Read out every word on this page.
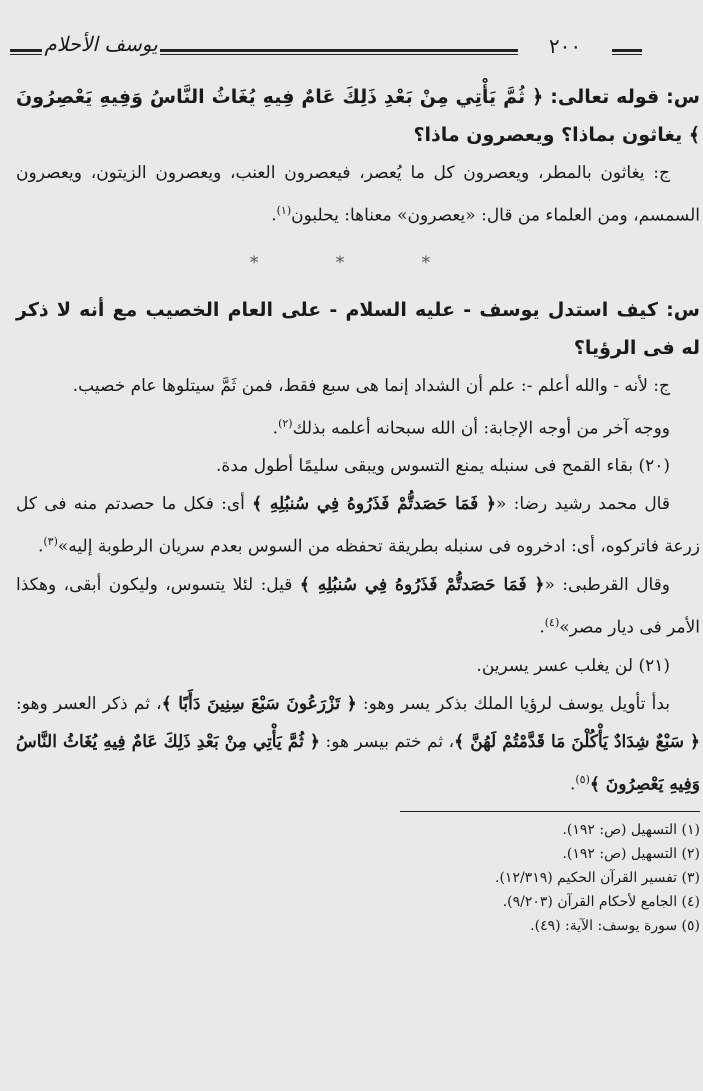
يوسف الأحلام	٢٠٠

س: قوله تعالى: ﴿ ثُمَّ يَأْتِي مِنْ بَعْدِ ذَلِكَ عَامٌ فِيهِ يُغَاثُ النَّاسُ وَفِيهِ يَعْصِرُونَ ﴾ يغاثون بماذا؟ ويعصرون ماذا؟

ج: يغاثون بالمطر، ويعصرون كل ما يُعصر، فيعصرون العنب، ويعصرون الزيتون، ويعصرون السمسم، ومن العلماء من قال: «يعصرون» معناها: يحلبون$^{(١)}$.

* * *

س: كيف استدل يوسف - عليه السلام - على العام الخصيب مع أنه لا ذكر له فى الرؤيا؟

ج: لأنه - والله أعلم -: علم أن الشداد إنما هى سبع فقط، فمن ثَمَّ سيتلوها عام خصيب.

ووجه آخر من أوجه الإجابة: أن الله سبحانه أعلمه بذلك$^{(٢)}$.

(٢٠) بقاء القمح فى سنبله يمنع التسوس ويبقى سليمًا أطول مدة.

قال محمد رشيد رضا: «﴿ فَمَا حَصَدتُّمْ فَذَرُوهُ فِي سُنبُلِهِ ﴾ أى: فكل ما حصدتم منه فى كل زرعة فاتركوه، أى: ادخروه فى سنبله بطريقة تحفظه من السوس بعدم سريان الرطوبة إليه»$^{(٣)}$.

وقال القرطبى: «﴿ فَمَا حَصَدتُّمْ فَذَرُوهُ فِي سُنبُلِهِ ﴾ قيل: لئلا يتسوس، وليكون أبقى، وهكذا الأمر فى ديار مصر»$^{(٤)}$.

(٢١) لن يغلب عسر يسرين.

بدأ تأويل يوسف لرؤيا الملك بذكر يسر وهو: ﴿ تَزْرَعُونَ سَبْعَ سِنِينَ دَأَبًا ﴾، ثم ذكر العسر وهو: ﴿ سَبْعٌ شِدَادٌ يَأْكُلْنَ مَا قَدَّمْتُمْ لَهُنَّ ﴾، ثم ختم بيسر هو: ﴿ ثُمَّ يَأْتِي مِنْ بَعْدِ ذَلِكَ عَامٌ فِيهِ يُغَاثُ النَّاسُ وَفِيهِ يَعْصِرُونَ ﴾$^{(٥)}$.

(١) التسهيل (ص: ١٩٢).

(٢) التسهيل (ص: ١٩٢).

(٣) تفسير القرآن الحكيم (١٢/٣١٩).

(٤) الجامع لأحكام القرآن (٩/٢٠٣).

(٥) سورة يوسف: الآية: (٤٩).
